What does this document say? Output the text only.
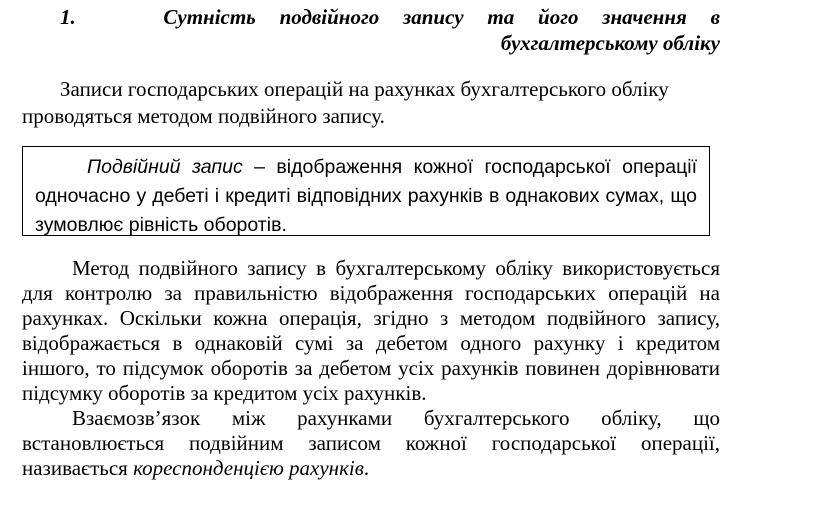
1.	Сутність подвійного запису та його значення в бухгалтерському обліку
Записи господарських операцій на рахунках бухгалтерського обліку проводяться методом подвійного запису.

Подвійний запис – відображення кожної господарської операції одночасно у дебеті і кредиті відповідних рахунків в однакових сумах, що зумовлює рівність оборотів.

Метод подвійного запису в бухгалтерському обліку використовується для контролю за правильністю відображення господарських операцій на рахунках. Оскільки кожна операція, згідно з методом подвійного запису, відображається в однаковій сумі за дебетом одного рахунку і кредитом іншого, то підсумок оборотів за дебетом усіх рахунків повинен дорівнювати підсумку оборотів за кредитом усіх рахунків.

Взаємозв’язок між рахунками бухгалтерського обліку, що встановлюється подвійним записом кожної господарської операції, називається кореспонденцією рахунків.
